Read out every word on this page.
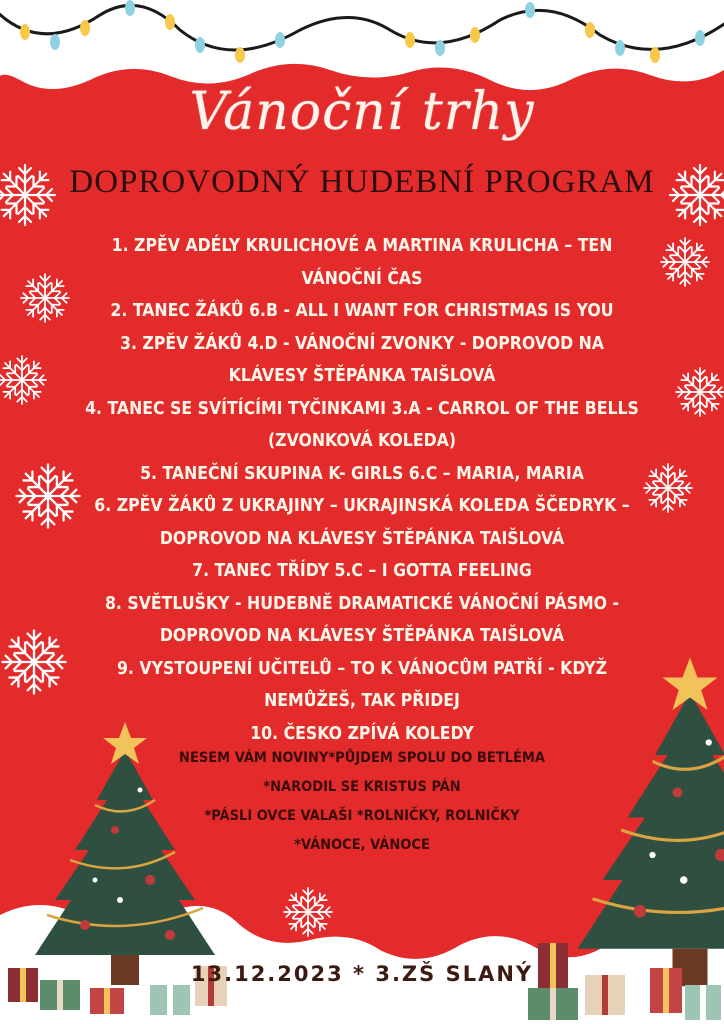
Vánoční trhy
DOPROVODNÝ HUDEBNÍ PROGRAM
1. ZPĚV ADÉLY KRULICHOVÉ A MARTINA KRULICHA – TEN VÁNOČNÍ ČAS
2. TANEC ŽÁKŮ 6.B - ALL I WANT FOR CHRISTMAS IS YOU
3. ZPĚV ŽÁKŮ 4.D - VÁNOČNÍ ZVONKY - DOPROVOD NA KLÁVESY ŠTĚPÁNKA TAIŠLOVÁ
4. TANEC SE SVÍTÍCÍMI TYČINKAMI 3.A - CARROL OF THE BELLS (ZVONKOVÁ KOLEDA)
5. TANEČNÍ SKUPINA K- GIRLS 6.C – MARIA, MARIA
6. ZPĚV ŽÁKŮ Z UKRAJINY – UKRAJINSKÁ KOLEDA ŠČEDRYK – DOPROVOD NA KLÁVESY ŠTĚPÁNKA TAIŠLOVÁ
7. TANEC TŘÍDY 5.C – I GOTTA FEELING
8. SVĚTLUŠKY - HUDEBNĚ DRAMATICKÉ VÁNOČNÍ PÁSMO - DOPROVOD NA KLÁVESY ŠTĚPÁNKA TAIŠLOVÁ
9. VYSTOUPENÍ UČITELŮ – TO K VÁNOCŮM PATŘÍ - KDYŽ NEMŮŽEŠ, TAK PŘIDEJ
10. ČESKO ZPÍVÁ KOLEDY
NESEM VÁM NOVINY*PŮJDEM SPOLU DO BETLÉMA
*NARODIL SE KRISTUS PÁN
*PÁSLI OVCE VALAŠI *ROLNIČKY, ROLNIČKY
*VÁNOCE, VÁNOCE
13.12.2023 * 3.ZŠ SLANÝ
